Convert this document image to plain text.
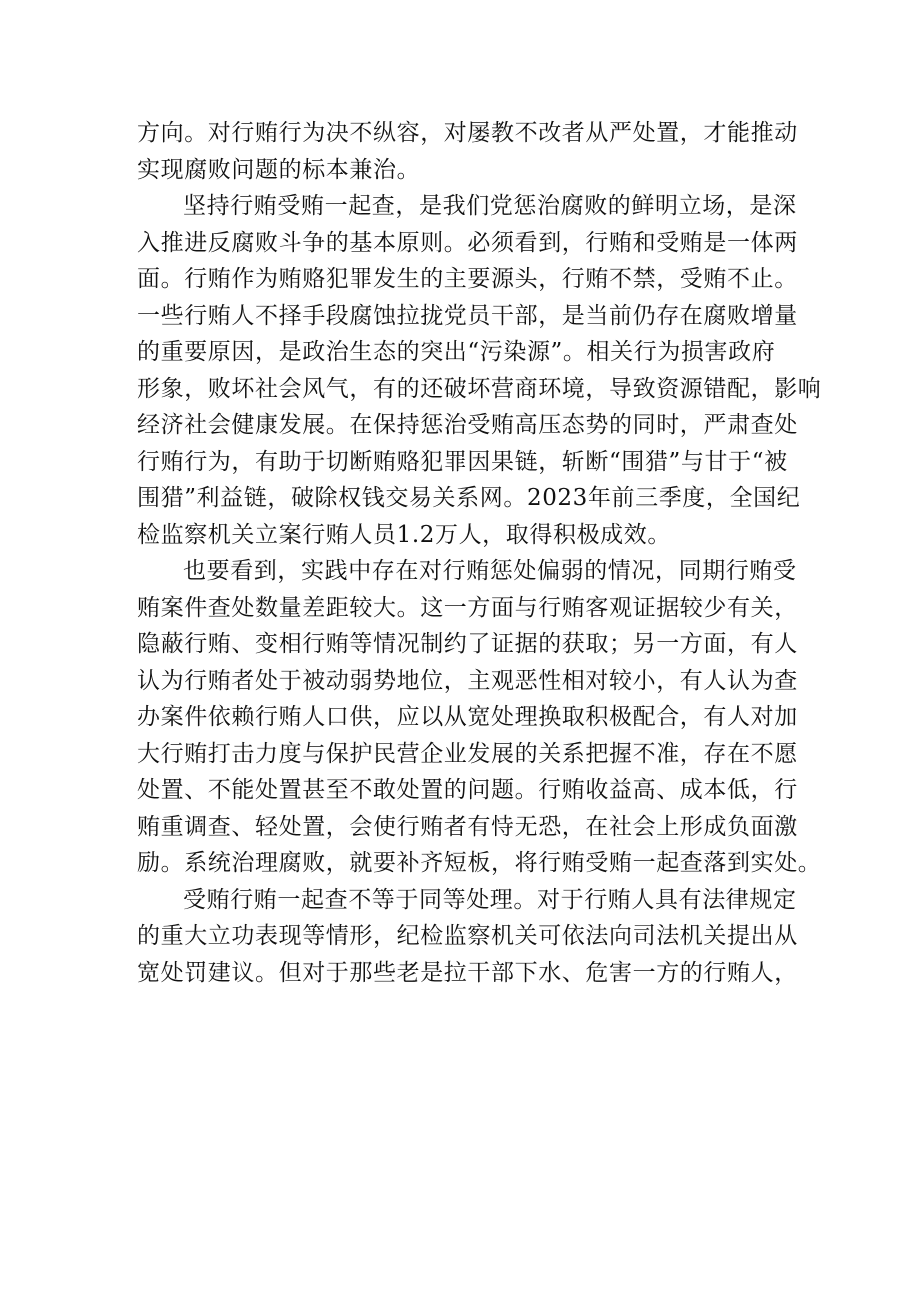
方向。对行贿行为决不纵容，对屡教不改者从严处置，才能推动
实现腐败问题的标本兼治。
坚持行贿受贿一起查，是我们党惩治腐败的鲜明立场，是深
入推进反腐败斗争的基本原则。必须看到，行贿和受贿是一体两
面。行贿作为贿赂犯罪发生的主要源头，行贿不禁，受贿不止。
一些行贿人不择手段腐蚀拉拢党员干部，是当前仍存在腐败增量
的重要原因，是政治生态的突出“污染源”。相关行为损害政府
形象，败坏社会风气，有的还破坏营商环境，导致资源错配，影响
经济社会健康发展。在保持惩治受贿高压态势的同时，严肃查处
行贿行为，有助于切断贿赂犯罪因果链，斩断“围猎”与甘于“被
围猎”利益链，破除权钱交易关系网。2023年前三季度，全国纪
检监察机关立案行贿人员1.2万人，取得积极成效。
也要看到，实践中存在对行贿惩处偏弱的情况，同期行贿受
贿案件查处数量差距较大。这一方面与行贿客观证据较少有关，
隐蔽行贿、变相行贿等情况制约了证据的获取；另一方面，有人
认为行贿者处于被动弱势地位，主观恶性相对较小，有人认为查
办案件依赖行贿人口供，应以从宽处理换取积极配合，有人对加
大行贿打击力度与保护民营企业发展的关系把握不准，存在不愿
处置、不能处置甚至不敢处置的问题。行贿收益高、成本低，行
贿重调查、轻处置，会使行贿者有恃无恐，在社会上形成负面激
励。系统治理腐败，就要补齐短板，将行贿受贿一起查落到实处。
受贿行贿一起查不等于同等处理。对于行贿人具有法律规定
的重大立功表现等情形，纪检监察机关可依法向司法机关提出从
宽处罚建议。但对于那些老是拉干部下水、危害一方的行贿人，
